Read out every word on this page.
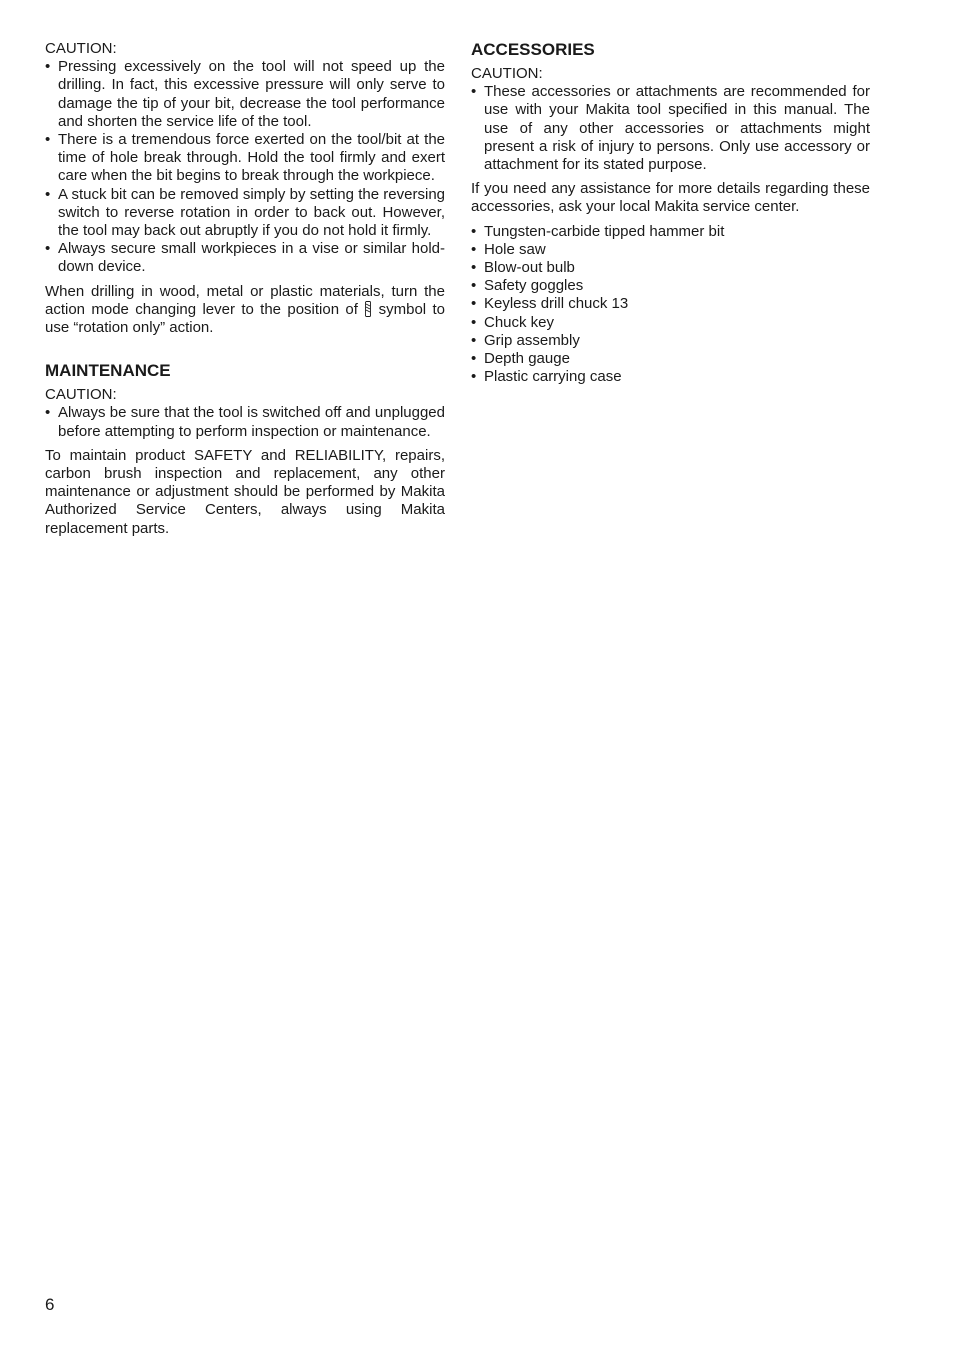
CAUTION:

• Pressing excessively on the tool will not speed up the drilling. In fact, this excessive pressure will only serve to damage the tip of your bit, decrease the tool performance and shorten the service life of the tool.
• There is a tremendous force exerted on the tool/bit at the time of hole break through. Hold the tool firmly and exert care when the bit begins to break through the workpiece.
• A stuck bit can be removed simply by setting the reversing switch to reverse rotation in order to back out. However, the tool may back out abruptly if you do not hold it firmly.
• Always secure small workpieces in a vise or similar hold-down device.

When drilling in wood, metal or plastic materials, turn the action mode changing lever to the position of symbol to use “rotation only” action.

MAINTENANCE

CAUTION:

• Always be sure that the tool is switched off and unplugged before attempting to perform inspection or maintenance.

To maintain product SAFETY and RELIABILITY, repairs, carbon brush inspection and replacement, any other maintenance or adjustment should be performed by Makita Authorized Service Centers, always using Makita replacement parts.

ACCESSORIES

CAUTION:

• These accessories or attachments are recommended for use with your Makita tool specified in this manual. The use of any other accessories or attachments might present a risk of injury to persons. Only use accessory or attachment for its stated purpose.

If you need any assistance for more details regarding these accessories, ask your local Makita service center.

• Tungsten-carbide tipped hammer bit
• Hole saw
• Blow-out bulb
• Safety goggles
• Keyless drill chuck 13
• Chuck key
• Grip assembly
• Depth gauge
• Plastic carrying case
6
